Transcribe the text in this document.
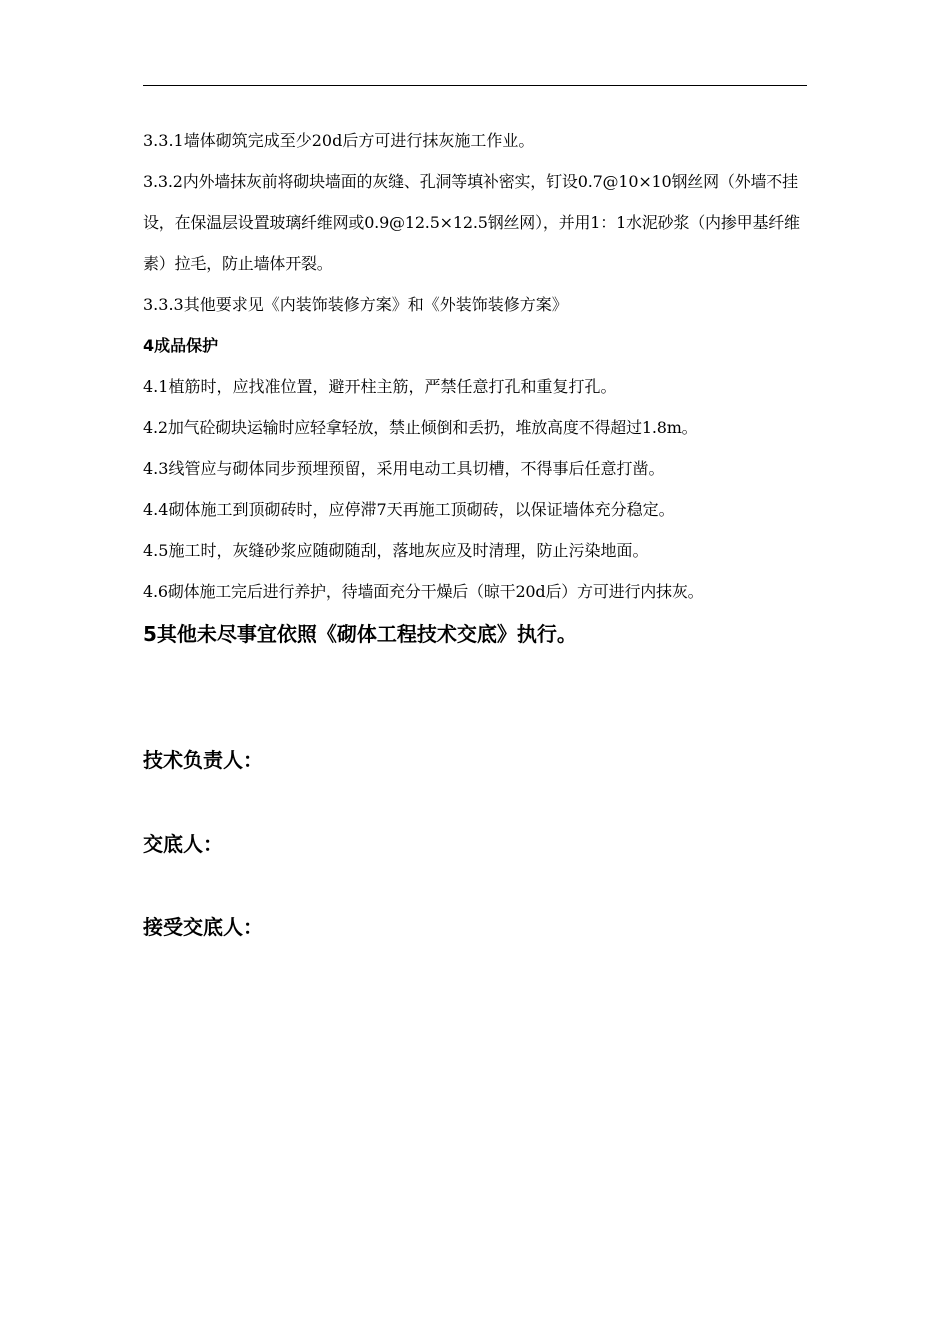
3.3.1墙体砌筑完成至少20d后方可进行抹灰施工作业。

3.3.2内外墙抹灰前将砌块墙面的灰缝、孔洞等填补密实，钉设0.7@10×10钢丝网（外墙不挂设，在保温层设置玻璃纤维网或0.9@12.5×12.5钢丝网），并用1：1水泥砂浆（内掺甲基纤维素）拉毛，防止墙体开裂。

3.3.3其他要求见《内装饰装修方案》和《外装饰装修方案》

4成品保护

4.1植筋时，应找准位置，避开柱主筋，严禁任意打孔和重复打孔。

4.2加气砼砌块运输时应轻拿轻放，禁止倾倒和丢扔，堆放高度不得超过1.8m。

4.3线管应与砌体同步预埋预留，采用电动工具切槽，不得事后任意打凿。

4.4砌体施工到顶砌砖时，应停滞7天再施工顶砌砖，以保证墙体充分稳定。

4.5施工时，灰缝砂浆应随砌随刮，落地灰应及时清理，防止污染地面。

4.6砌体施工完后进行养护，待墙面充分干燥后（晾干20d后）方可进行内抹灰。

5其他未尽事宜依照《砌体工程技术交底》执行。

技术负责人：

交底人：

接受交底人：
